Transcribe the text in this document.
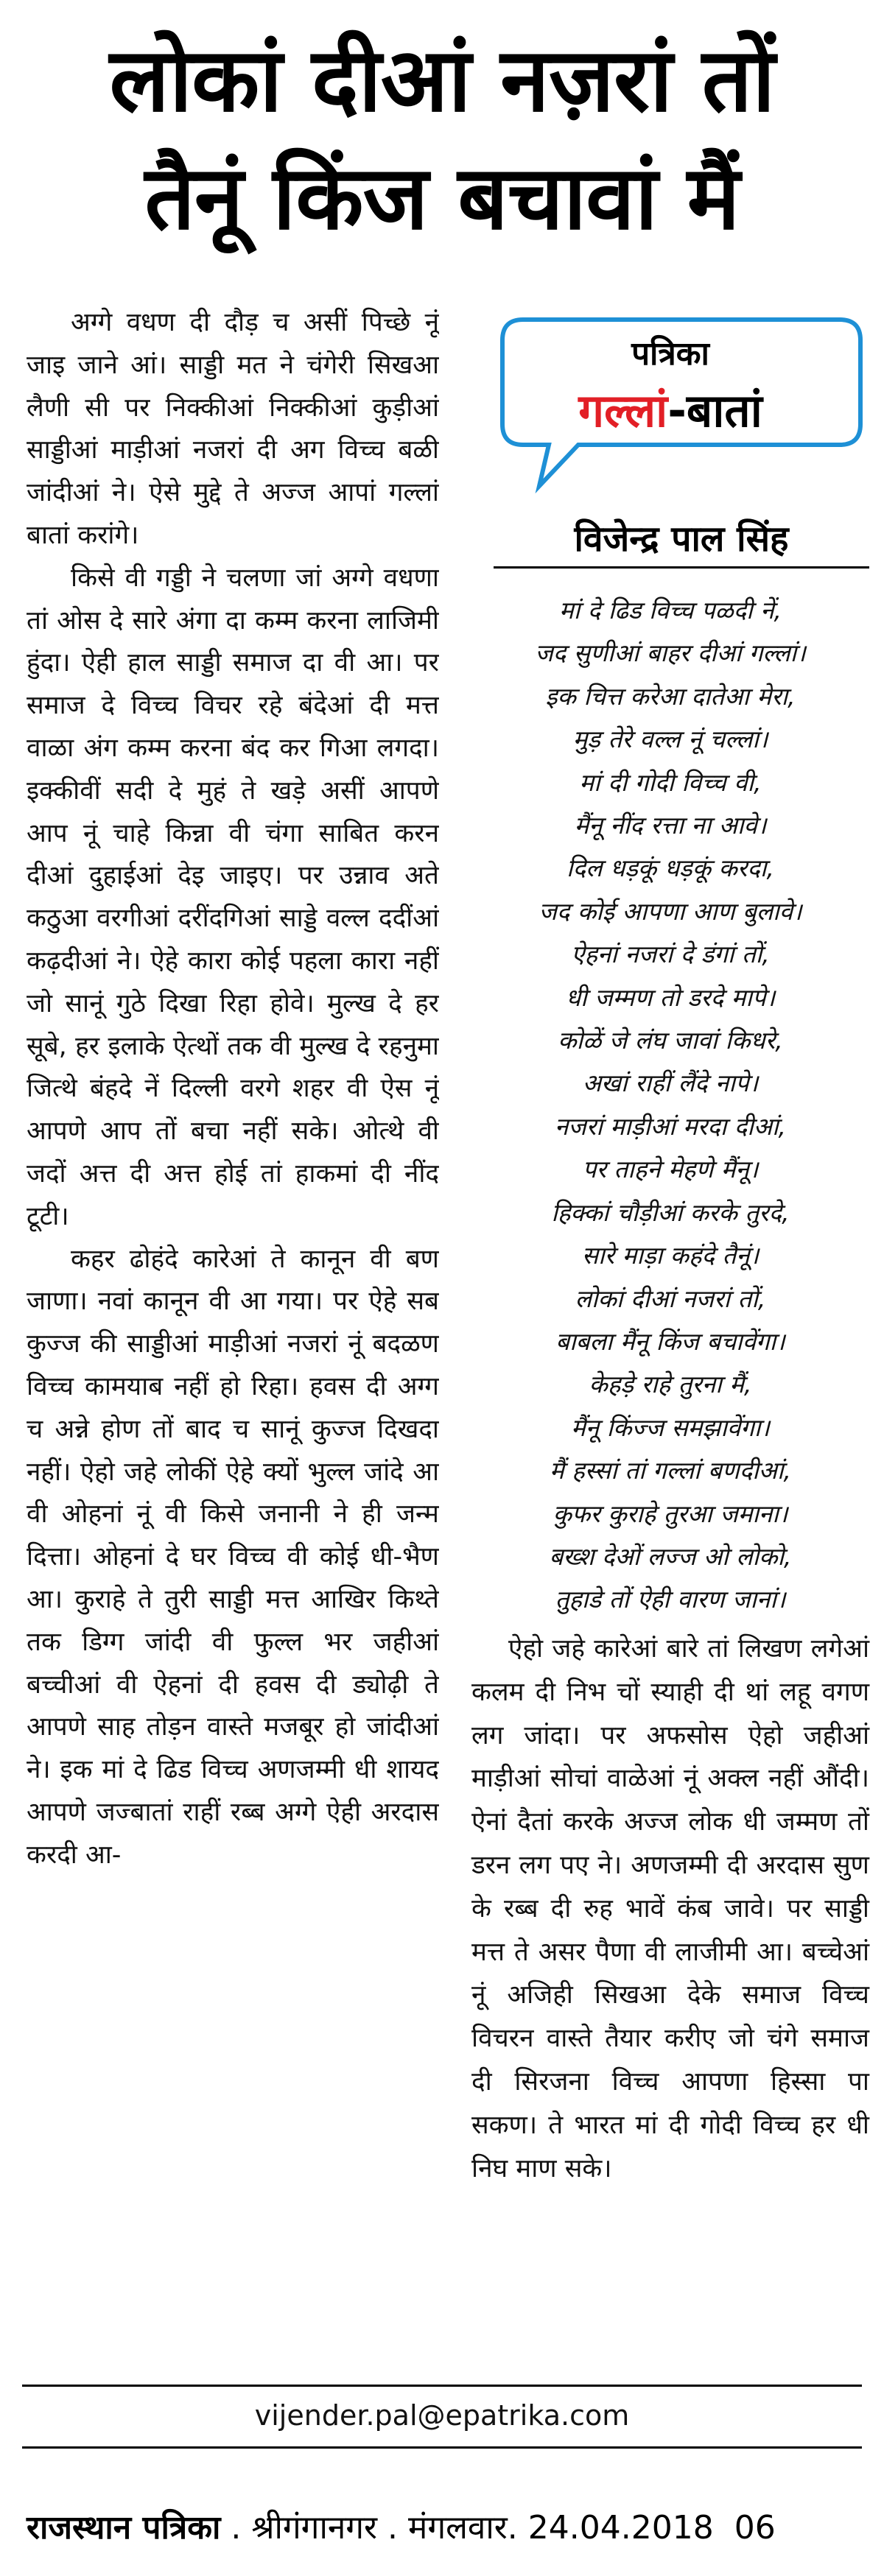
लोकां दीआं नज़रां तों
तैनूं किंज बचावां मैं

अग्गे वधण दी दौड़ च असीं पिच्छे नूं जाइ जाने आं। साड्डी मत ने चंगेरी सिखआ लैणी सी पर निक्कीआं निक्कीआं कुड़ीआं साड्डीआं माड़ीआं नजरां दी अग विच्च बळी जांदीआं ने। ऐसे मुद्दे ते अज्ज आपां गल्लां बातां करांगे।

किसे वी गड्डी ने चलणा जां अग्गे वधणा तां ओस दे सारे अंगा दा कम्म करना लाजिमी हुंदा। ऐही हाल साड्डी समाज दा वी आ। पर समाज दे विच्च विचर रहे बंदेआं दी मत्त वाळा अंग कम्म करना बंद कर गिआ लगदा। इक्कीवीं सदी दे मुहं ते खड़े असीं आपणे आप नूं चाहे किन्ना वी चंगा साबित करन दीआं दुहाईआं देइ जाइए। पर उन्नाव अते कठुआ वरगीआं दरींदगिआं साड्डे वल्ल ददींआं कढ़दीआं ने। ऐहे कारा कोई पहला कारा नहीं जो सानूं गुठे दिखा रिहा होवे। मुल्ख दे हर सूबे, हर इलाके ऐत्थों तक वी मुल्ख दे रहनुमा जित्थे बंहदे नें दिल्ली वरगे शहर वी ऐस नूं आपणे आप तों बचा नहीं सके। ओत्थे वी जदों अत्त दी अत्त होई तां हाकमां दी नींद टूटी।

कहर ढोहंदे कारेआं ते कानून वी बण जाणा। नवां कानून वी आ गया। पर ऐहे सब कुज्ज की साड्डीआं माड़ीआं नजरां नूं बदळण विच्च कामयाब नहीं हो रिहा। हवस दी अग्ग च अन्ने होण तों बाद च सानूं कुज्ज दिखदा नहीं। ऐहो जहे लोकीं ऐहे क्यों भुल्ल जांदे आ वी ओहनां नूं वी किसे जनानी ने ही जन्म दित्ता। ओहनां दे घर विच्च वी कोई धी-भैण आ। कुराहे ते तुरी साड्डी मत्त आखिर किथ्ते तक डिग्ग जांदी वी फुल्ल भर जहीआं बच्चीआं वी ऐहनां दी हवस दी ड्योढ़ी ते आपणे साह तोड़न वास्ते मजबूर हो जांदीआं ने। इक मां दे ढिड विच्च अणजम्मी धी शायद आपणे जज्बातां राहीं रब्ब अग्गे ऐही अरदास करदी आ-

पत्रिका
गल्लां-बातां
विजेन्द्र पाल सिंह
मां दे ढिड विच्च पळदी नें,
जद सुणीआं बाहर दीआं गल्लां।
इक चित्त करेआ दातेआ मेरा,
मुड़ तेरे वल्ल नूं चल्लां।
मां दी गोदी विच्च वी,
मैंनू नींद रत्ता ना आवे।
दिल धड़कूं धड़कूं करदा,
जद कोई आपणा आण बुलावे।
ऐहनां नजरां दे डंगां तों,
धी जम्मण तो डरदे मापे।
कोळें जे लंघ जावां किधरे,
अखां राहीं लैंदे नापे।
नजरां माड़ीआं मरदा दीआं,
पर ताहने मेहणे मैंनू।
हिक्कां चौड़ीआं करके तुरदे,
सारे माड़ा कहंदे तैनूं।
लोकां दीआं नजरां तों,
बाबला मैंनू किंज बचावेंगा।
केहड़े राहे तुरना मैं,
मैंनू किंज्ज समझावेंगा।
मैं हस्सां तां गल्लां बणदीआं,
कुफर कुराहे तुरआ जमाना।
बख्श देओं लज्ज ओ लोको,
तुहाडे तों ऐही वारण जानां।

ऐहो जहे कारेआं बारे तां लिखण लगेआं कलम दी निभ चों स्याही दी थां लहू वगण लग जांदा। पर अफसोस ऐहो जहीआं माड़ीआं सोचां वाळेआं नूं अक्ल नहीं औंदी। ऐनां दैतां करके अज्ज लोक धी जम्मण तों डरन लग पए ने। अणजम्मी दी अरदास सुण के रब्ब दी रुह भावें कंब जावे। पर साड्डी मत्त ते असर पैणा वी लाजीमी आ। बच्चेआं नूं अजिही सिखआ देके समाज विच्च विचरन वास्ते तैयार करीए जो चंगे समाज दी सिरजना विच्च आपणा हिस्सा पा सकण। ते भारत मां दी गोदी विच्च हर धी निघ माण सके।

vijender.pal@epatrika.com
राजस्थान पत्रिका . श्रीगंगानगर . मंगलवार. 24.04.2018 06
